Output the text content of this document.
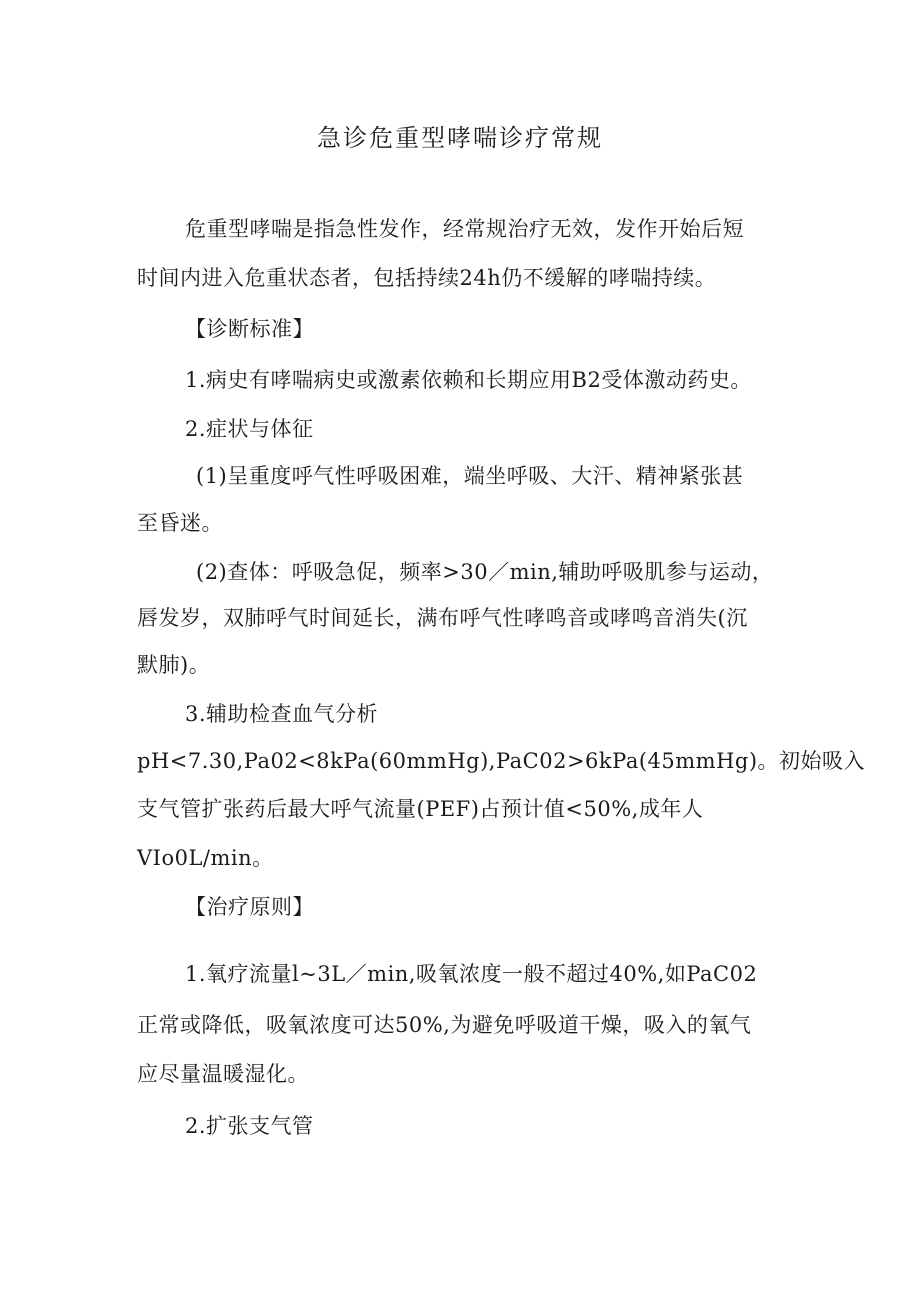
急诊危重型哮喘诊疗常规
危重型哮喘是指急性发作，经常规治疗无效，发作开始后短
时间内进入危重状态者，包括持续24h仍不缓解的哮喘持续。
【诊断标准】
1.病史有哮喘病史或激素依赖和长期应用B2受体激动药史。
2.症状与体征
(1)呈重度呼气性呼吸困难，端坐呼吸、大汗、精神紧张甚
至昏迷。
(2)查体：呼吸急促，频率>30／min,辅助呼吸肌参与运动，
唇发岁，双肺呼气时间延长，满布呼气性哮鸣音或哮鸣音消失(沉
默肺)。
3.辅助检查血气分析
pH<7.30,Pa02<8kPa(60mmHg),PaC02>6kPa(45mmHg)。初始吸入
支气管扩张药后最大呼气流量(PEF)占预计值<50%,成年人
VIo0L/min。
【治疗原则】
1.氧疗流量l~3L／min,吸氧浓度一般不超过40%,如PaC02
正常或降低，吸氧浓度可达50%,为避免呼吸道干燥，吸入的氧气
应尽量温暖湿化。
2.扩张支气管
